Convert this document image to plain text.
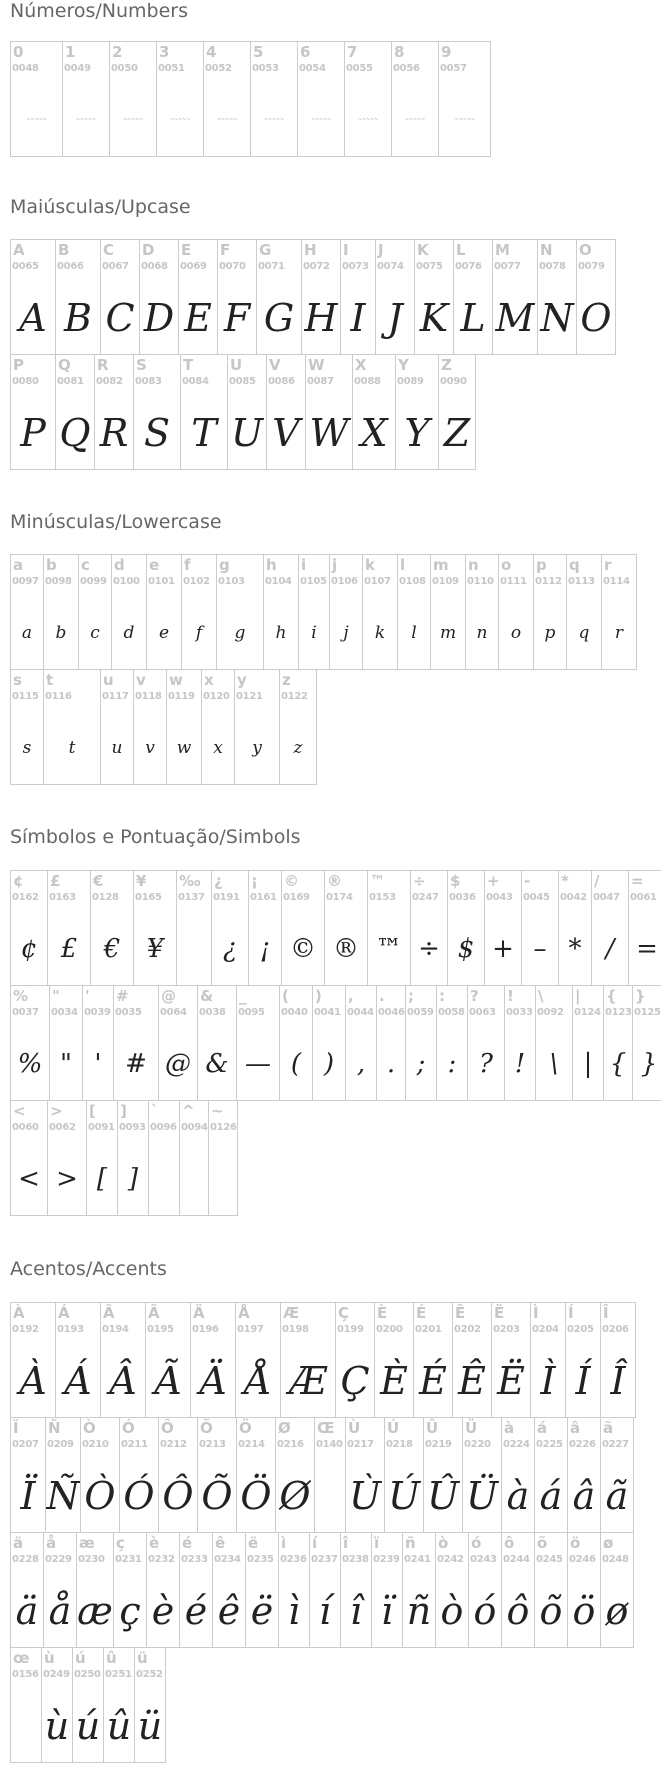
Números/Numbers
0
0048
~~~~~
1
0049
~~~~~
2
0050
~~~~~
3
0051
~~~~~
4
0052
~~~~~
5
0053
~~~~~
6
0054
~~~~~
7
0055
~~~~~
8
0056
~~~~~
9
0057
~~~~~
Maiúsculas/Upcase
A
0065
A
B
0066
B
C
0067
C
D
0068
D
E
0069
E
F
0070
F
G
0071
G
H
0072
H
I
0073
I
J
0074
J
K
0075
K
L
0076
L
M
0077
M
N
0078
N
O
0079
O
P
0080
P
Q
0081
Q
R
0082
R
S
0083
S
T
0084
T
U
0085
U
V
0086
V
W
0087
W
X
0088
X
Y
0089
Y
Z
0090
Z
Minúsculas/Lowercase
a
0097
a
b
0098
b
c
0099
c
d
0100
d
e
0101
e
f
0102
f
g
0103
g
h
0104
h
i
0105
i
j
0106
j
k
0107
k
l
0108
l
m
0109
m
n
0110
n
o
0111
o
p
0112
p
q
0113
q
r
0114
r
s
0115
s
t
0116
t
u
0117
u
v
0118
v
w
0119
w
x
0120
x
y
0121
y
z
0122
z
Símbolos e Pontuação/Simbols
¢
0162
¢
£
0163
£
€
0128
€
¥
0165
¥
‰
0137
¿
0191
¿
¡
0161
¡
©
0169
©
®
0174
®
™
0153
™
÷
0247
÷
$
0036
$
+
0043
+
-
0045
–
*
0042
*
/
0047
/
=
0061
=
%
0037
%
"
0034
"
'
0039
'
#
0035
#
@
0064
@
&
0038
&
_
0095
—
(
0040
(
)
0041
)
,
0044
,
.
0046
.
;
0059
;
:
0058
:
?
0063
?
!
0033
!
\
0092
\
|
0124
|
{
0123
{
}
0125
}
<
0060
<
>
0062
>
[
0091
[
]
0093
]
`
0096
^
0094
~
0126
Acentos/Accents
À
0192
À
Á
0193
Á
Â
0194
Â
Ã
0195
Ã
Ä
0196
Ä
Å
0197
Å
Æ
0198
Æ
Ç
0199
Ç
È
0200
È
É
0201
É
Ê
0202
Ê
Ë
0203
Ë
Ì
0204
Ì
Í
0205
Í
Î
0206
Î
Ï
0207
Ï
Ñ
0209
Ñ
Ò
0210
Ò
Ó
0211
Ó
Ô
0212
Ô
Õ
0213
Õ
Ö
0214
Ö
Ø
0216
Ø
Œ
0140
Ù
0217
Ù
Ú
0218
Ú
Û
0219
Û
Ü
0220
Ü
à
0224
à
á
0225
á
â
0226
â
ã
0227
ã
ä
0228
ä
å
0229
å
æ
0230
æ
ç
0231
ç
è
0232
è
é
0233
é
ê
0234
ê
ë
0235
ë
ì
0236
ì
í
0237
í
î
0238
î
ï
0239
ï
ñ
0241
ñ
ò
0242
ò
ó
0243
ó
ô
0244
ô
õ
0245
õ
ö
0246
ö
ø
0248
ø
œ
0156
ù
0249
ù
ú
0250
ú
û
0251
û
ü
0252
ü
